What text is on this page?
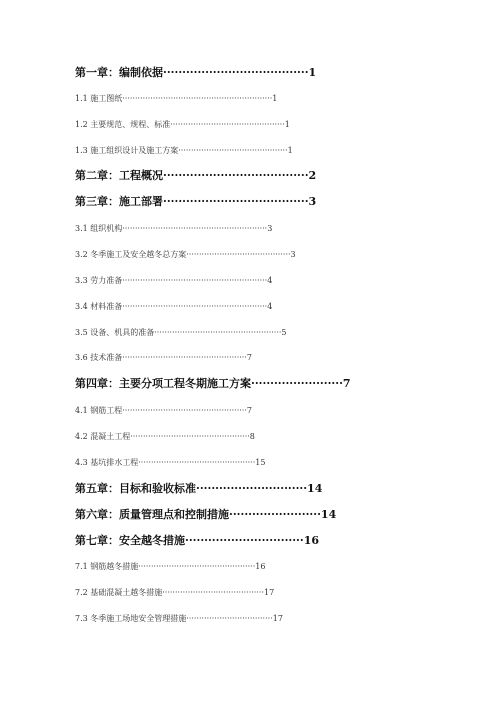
第一章：编制依据······································1
1.1 施工图纸···························································1
1.2 主要规范、规程、标准·············································1
1.3 施工组织设计及施工方案···········································1
第二章：工程概况······································2
第三章：施工部署······································3
3.1 组织机构·························································3
3.2 冬季施工及安全越冬总方案·········································3
3.3 劳力准备·························································4
3.4 材料准备·························································4
3.5 设备、机具的准备··················································5
3.6 技术准备·················································7
第四章：主要分项工程冬期施工方案························7
4.1 钢筋工程·················································7
4.2 混凝土工程···············································8
4.3 基坑排水工程··············································15
第五章：目标和验收标准·····························14
第六章：质量管理点和控制措施························14
第七章：安全越冬措施·······························16
7.1 钢筋越冬措施··············································16
7.2 基础混凝土越冬措施········································17
7.3 冬季施工场地安全管理措施··································17
